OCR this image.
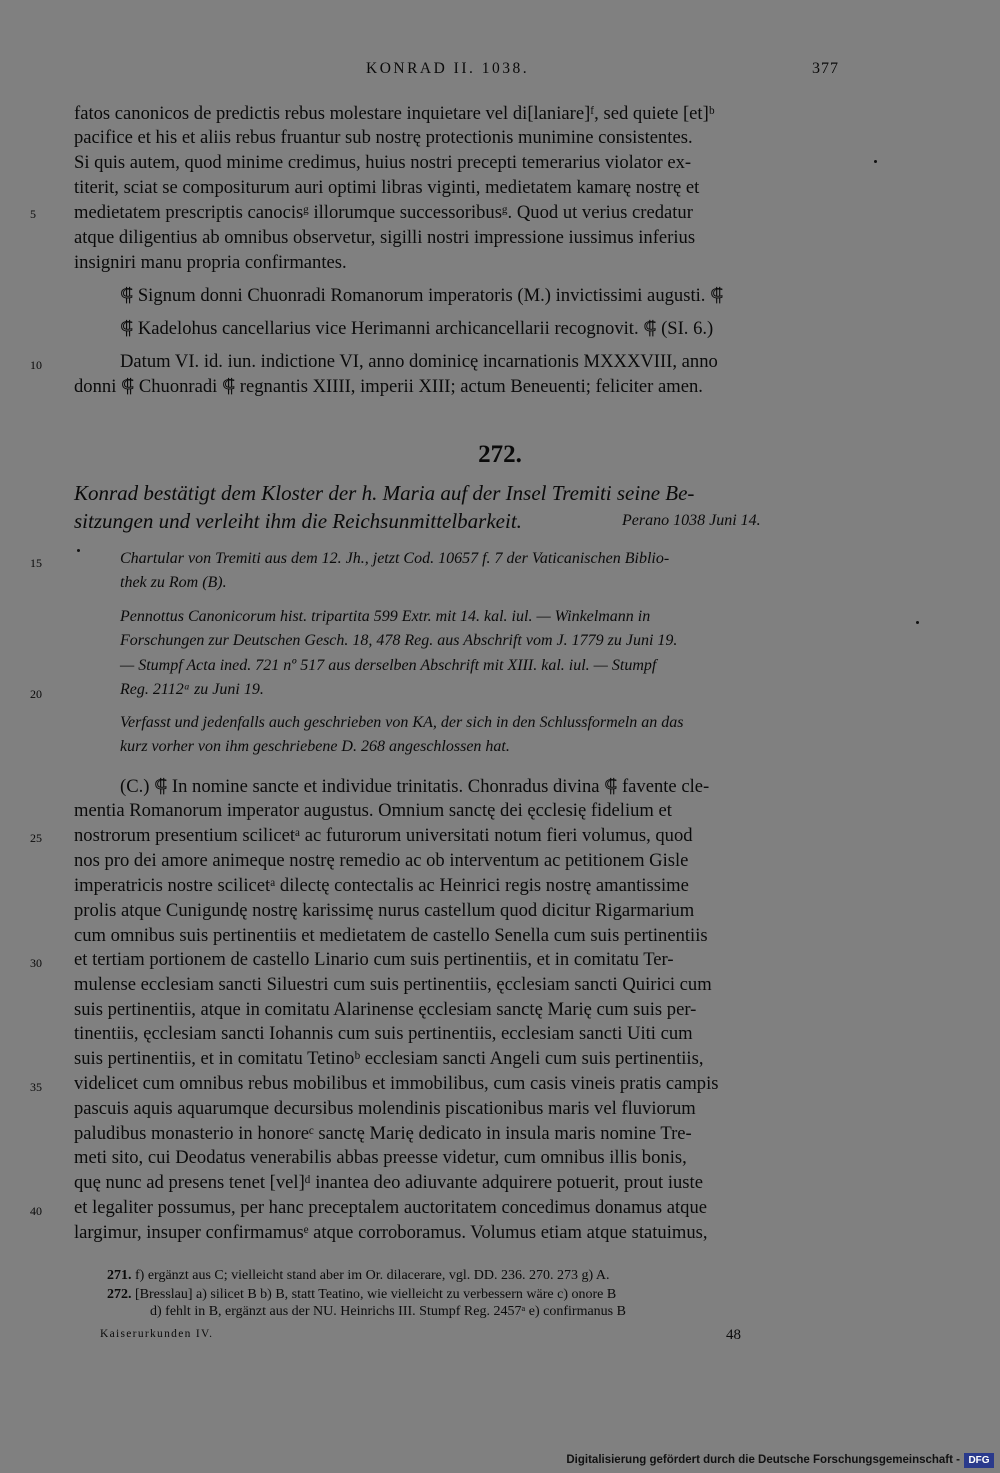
KONRAD II. 1038.	377
fatos canonicos de predictis rebus molestare inquietare vel di[laniare]ᶠ, sed quiete [et]ᵇ
pacifice et his et aliis rebus fruantur sub nostrę protectionis munimine consistentes.
Si quis autem, quod minime credimus, huius nostri precepti temerarius violator ex-
titerit, sciat se compositurum auri optimi libras viginti, medietatem kamarę nostrę et
medietatem prescriptis canocisᵍ illorumque successoribusᵍ. Quod ut verius credatur
atque diligentius ab omnibus observetur, sigilli nostri impressione iussimus inferius
insigniri manu propria confirmantes.
⸿ Signum donni Chuonradi Romanorum imperatoris (M.) invictissimi augusti. ⸿
⸿ Kadelohus cancellarius vice Herimanni archicancellarii recognovit. ⸿ (SI. 6.)
Datum VI. id. iun. indictione VI, anno dominicę incarnationis MXXXVIII, anno
donni ⸿ Chuonradi ⸿ regnantis XIIII, imperii XIII; actum Beneuenti; feliciter amen.
272.
Konrad bestätigt dem Kloster der h. Maria auf der Insel Tremiti seine Be-
sitzungen und verleiht ihm die Reichsunmittelbarkeit.	Perano 1038 Juni 14.
Chartular von Tremiti aus dem 12. Jh., jetzt Cod. 10657 f. 7 der Vaticanischen Biblio-
thek zu Rom (B).
Pennottus Canonicorum hist. tripartita 599 Extr. mit 14. kal. iul. — Winkelmann in
Forschungen zur Deutschen Gesch. 18, 478 Reg. aus Abschrift vom J. 1779 zu Juni 19.
— Stumpf Acta ined. 721 nº 517 aus derselben Abschrift mit XIII. kal. iul. — Stumpf
Reg. 2112ᵃ zu Juni 19.
Verfasst und jedenfalls auch geschrieben von KA, der sich in den Schlussformeln an das
kurz vorher von ihm geschriebene D. 268 angeschlossen hat.
(C.) ⸿ In nomine sancte et individue trinitatis. Chonradus divina ⸿ favente cle-
mentia Romanorum imperator augustus. Omnium sanctę dei ęcclesię fidelium et
nostrorum presentium scilicetᵃ ac futurorum universitati notum fieri volumus, quod
nos pro dei amore animeque nostrę remedio ac ob interventum ac petitionem Gisle
imperatricis nostre scilicetᵃ dilectę contectalis ac Heinrici regis nostrę amantissime
prolis atque Cunigundę nostrę karissimę nurus castellum quod dicitur Rigarmarium
cum omnibus suis pertinentiis et medietatem de castello Senella cum suis pertinentiis
et tertiam portionem de castello Linario cum suis pertinentiis, et in comitatu Ter-
mulense ecclesiam sancti Siluestri cum suis pertinentiis, ęcclesiam sancti Quirici cum
suis pertinentiis, atque in comitatu Alarinense ęcclesiam sanctę Marię cum suis per-
tinentiis, ęcclesiam sancti Iohannis cum suis pertinentiis, ecclesiam sancti Uiti cum
suis pertinentiis, et in comitatu Tetinoᵇ ecclesiam sancti Angeli cum suis pertinentiis,
videlicet cum omnibus rebus mobilibus et immobilibus, cum casis vineis pratis campis
pascuis aquis aquarumque decursibus molendinis piscationibus maris vel fluviorum
paludibus monasterio in honoreᶜ sanctę Marię dedicato in insula maris nomine Tre-
meti sito, cui Deodatus venerabilis abbas preesse videtur, cum omnibus illis bonis,
quę nunc ad presens tenet [vel]ᵈ inantea deo adiuvante adquirere potuerit, prout iuste
et legaliter possumus, per hanc preceptalem auctoritatem concedimus donamus atque
largimur, insuper confirmamusᵉ atque corroboramus. Volumus etiam atque statuimus,
5
10
15
20
25
30
35
40
271. f) ergänzt aus C; vielleicht stand aber im Or. dilacerare, vgl. DD. 236. 270. 273 g) A.
272. [Bresslau] a) silicet B b) B, statt Teatino, wie vielleicht zu verbessern wäre c) onore B
d) fehlt in B, ergänzt aus der NU. Heinrichs III. Stumpf Reg. 2457ᵃ e) confirmanus B
Kaiserurkunden IV.	48
Digitalisierung gefördert durch die Deutsche Forschungsgemeinschaft - DFG
